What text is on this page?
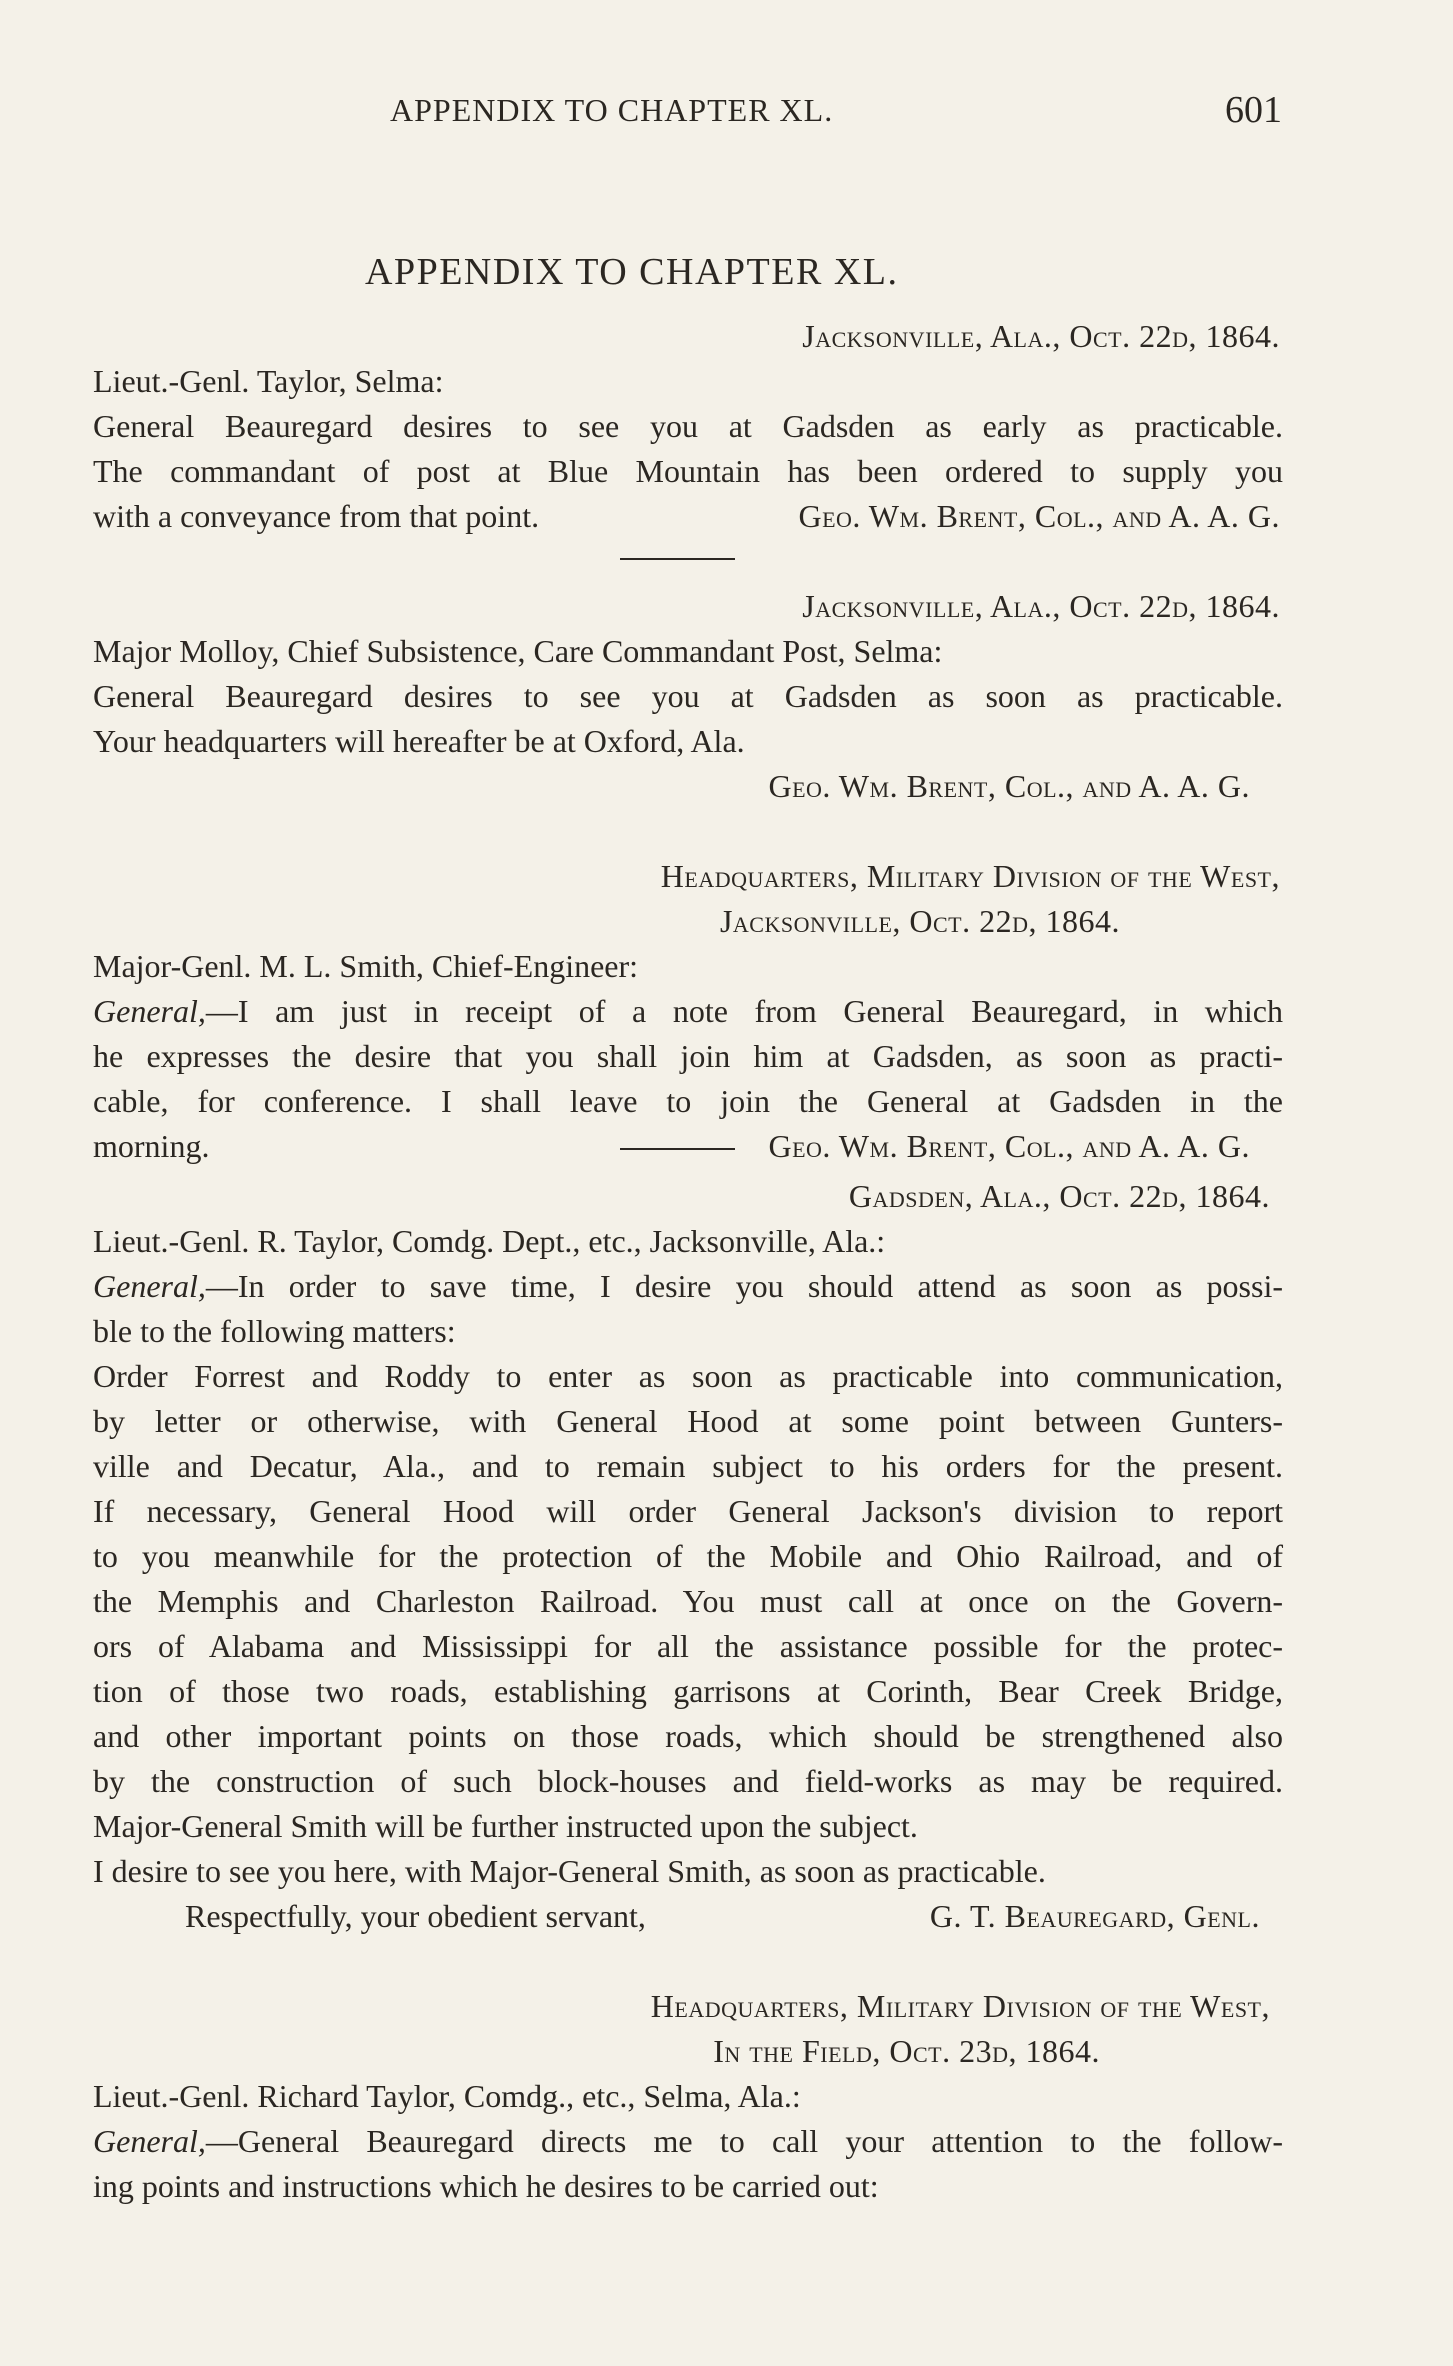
APPENDIX TO CHAPTER XL.	601
APPENDIX TO CHAPTER XL.
Jacksonville, Ala., Oct. 22d, 1864.
Lieut.-Genl. Taylor, Selma:
General Beauregard desires to see you at Gadsden as early as practicable.
The commandant of post at Blue Mountain has been ordered to supply you
with a conveyance from that point.	Geo. Wm. Brent, Col., and A. A. G.
Jacksonville, Ala., Oct. 22d, 1864.
Major Molloy, Chief Subsistence, Care Commandant Post, Selma:
General Beauregard desires to see you at Gadsden as soon as practicable.
Your headquarters will hereafter be at Oxford, Ala.
Geo. Wm. Brent, Col., and A. A. G.
Headquarters, Military Division of the West,
Jacksonville, Oct. 22d, 1864.
Major-Genl. M. L. Smith, Chief-Engineer:
General,—I am just in receipt of a note from General Beauregard, in which
he expresses the desire that you shall join him at Gadsden, as soon as practi-
cable, for conference. I shall leave to join the General at Gadsden in the
morning.	Geo. Wm. Brent, Col., and A. A. G.
Gadsden, Ala., Oct. 22d, 1864.
Lieut.-Genl. R. Taylor, Comdg. Dept., etc., Jacksonville, Ala.:
General,—In order to save time, I desire you should attend as soon as possi-
ble to the following matters:
Order Forrest and Roddy to enter as soon as practicable into communication,
by letter or otherwise, with General Hood at some point between Gunters-
ville and Decatur, Ala., and to remain subject to his orders for the present.
If necessary, General Hood will order General Jackson's division to report
to you meanwhile for the protection of the Mobile and Ohio Railroad, and of
the Memphis and Charleston Railroad. You must call at once on the Govern-
ors of Alabama and Mississippi for all the assistance possible for the protec-
tion of those two roads, establishing garrisons at Corinth, Bear Creek Bridge,
and other important points on those roads, which should be strengthened also
by the construction of such block-houses and field-works as may be required.
Major-General Smith will be further instructed upon the subject.
I desire to see you here, with Major-General Smith, as soon as practicable.
Respectfully, your obedient servant,	G. T. Beauregard, Genl.
Headquarters, Military Division of the West,
In the Field, Oct. 23d, 1864.
Lieut.-Genl. Richard Taylor, Comdg., etc., Selma, Ala.:
General,—General Beauregard directs me to call your attention to the follow-
ing points and instructions which he desires to be carried out:
